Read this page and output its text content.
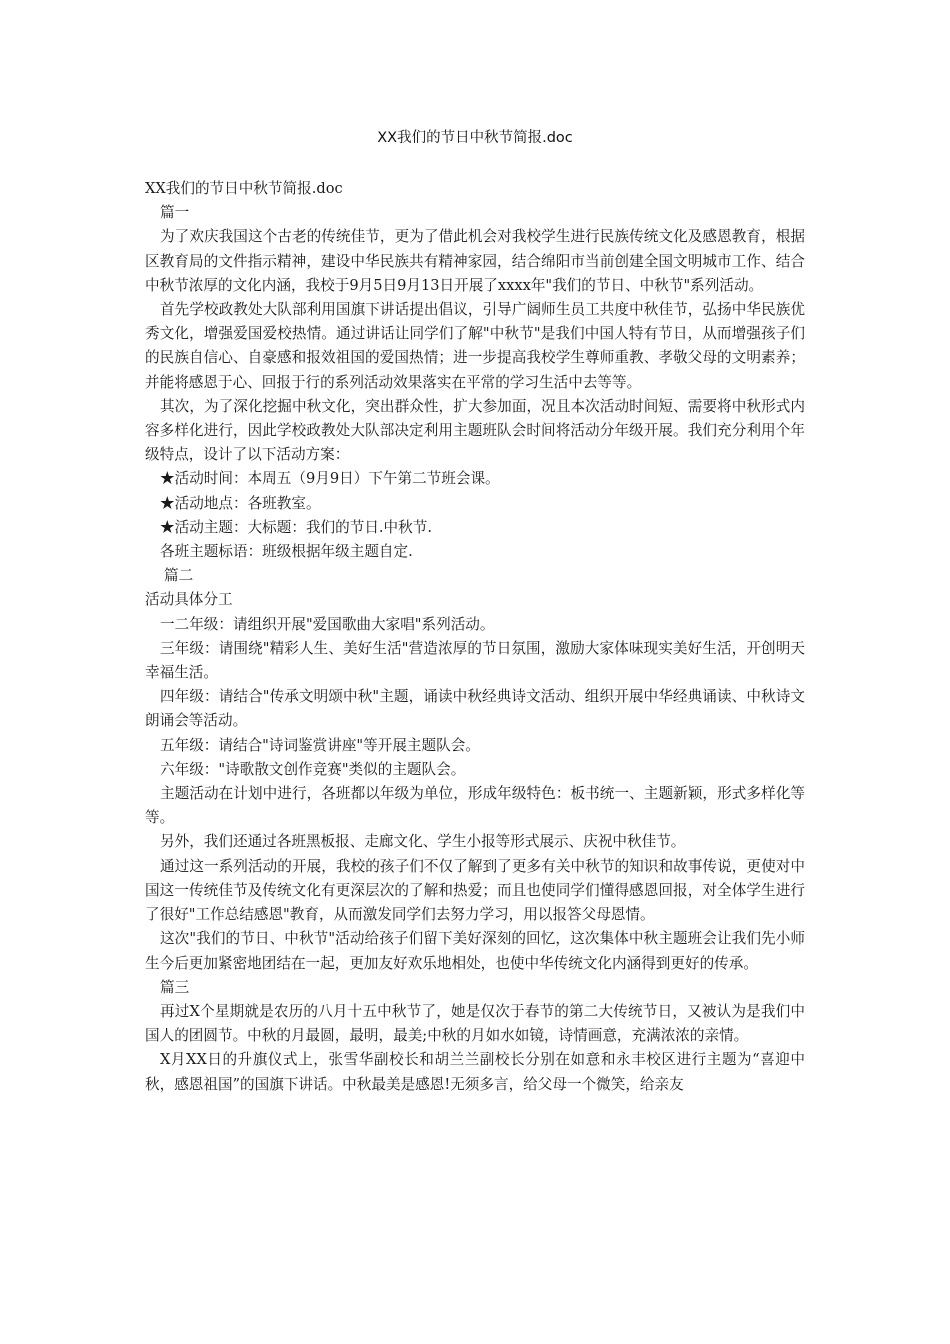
XX我们的节日中秋节简报.doc

XX我们的节日中秋节简报.doc

篇一

为了欢庆我国这个古老的传统佳节，更为了借此机会对我校学生进行民族传统文化及感恩教育，根据区教育局的文件指示精神，建设中华民族共有精神家园，结合绵阳市当前创建全国文明城市工作、结合中秋节浓厚的文化内涵，我校于9月5日9月13日开展了xxxx年"我们的节日、中秋节"系列活动。

首先学校政教处大队部利用国旗下讲话提出倡议，引导广阔师生员工共度中秋佳节，弘扬中华民族优秀文化，增强爱国爱校热情。通过讲话让同学们了解"中秋节"是我们中国人特有节日，从而增强孩子们的民族自信心、自豪感和报效祖国的爱国热情；进一步提高我校学生尊师重教、孝敬父母的文明素养；并能将感恩于心、回报于行的系列活动效果落实在平常的学习生活中去等等。

其次，为了深化挖掘中秋文化，突出群众性，扩大参加面，况且本次活动时间短、需要将中秋形式内容多样化进行，因此学校政教处大队部决定利用主题班队会时间将活动分年级开展。我们充分利用个年级特点，设计了以下活动方案：

★活动时间：本周五（9月9日）下午第二节班会课。

★活动地点：各班教室。

★活动主题：大标题：我们的节日.中秋节.

各班主题标语：班级根据年级主题自定.

篇二

活动具体分工

一二年级：请组织开展"爱国歌曲大家唱"系列活动。

三年级：请围绕"精彩人生、美好生活"营造浓厚的节日氛围，激励大家体味现实美好生活，开创明天幸福生活。

四年级：请结合"传承文明颂中秋"主题，诵读中秋经典诗文活动、组织开展中华经典诵读、中秋诗文朗诵会等活动。

五年级：请结合"诗词鉴赏讲座"等开展主题队会。

六年级："诗歌散文创作竞赛"类似的主题队会。

主题活动在计划中进行，各班都以年级为单位，形成年级特色：板书统一、主题新颖，形式多样化等等。

另外，我们还通过各班黑板报、走廊文化、学生小报等形式展示、庆祝中秋佳节。

通过这一系列活动的开展，我校的孩子们不仅了解到了更多有关中秋节的知识和故事传说，更使对中国这一传统佳节及传统文化有更深层次的了解和热爱；而且也使同学们懂得感恩回报，对全体学生进行了很好"工作总结感恩"教育，从而激发同学们去努力学习，用以报答父母恩情。

这次"我们的节日、中秋节"活动给孩子们留下美好深刻的回忆，这次集体中秋主题班会让我们先小师生今后更加紧密地团结在一起，更加友好欢乐地相处，也使中华传统文化内涵得到更好的传承。

篇三

再过X个星期就是农历的八月十五中秋节了，她是仅次于春节的第二大传统节日，又被认为是我们中国人的团圆节。中秋的月最圆，最明，最美;中秋的月如水如镜，诗情画意，充满浓浓的亲情。

X月XX日的升旗仪式上，张雪华副校长和胡兰兰副校长分别在如意和永丰校区进行主题为“喜迎中秋，感恩祖国”的国旗下讲话。中秋最美是感恩!无须多言，给父母一个微笑，给亲友
